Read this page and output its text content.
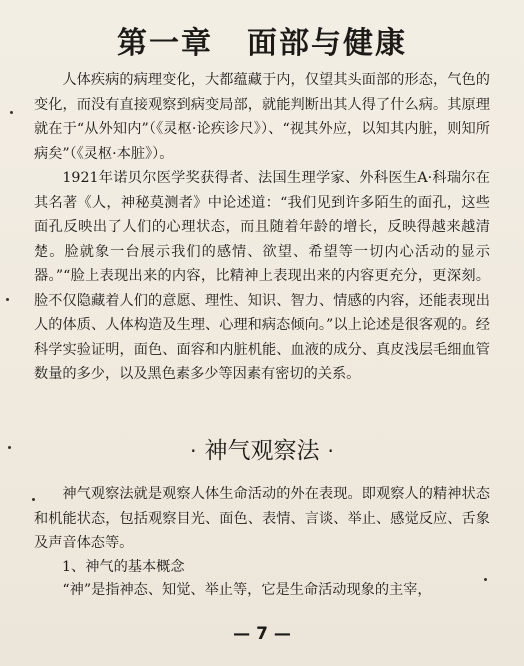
第一章 面部与健康

人体疾病的病理变化，大都蕴藏于内，仅望其头面部的形态，气色的变化，而没有直接观察到病变局部，就能判断出其人得了什么病。其原理就在于“从外知内”（《灵枢·论疾诊尺》）、“视其外应，以知其内脏，则知所病矣”（《灵枢·本脏》）。

1921年诺贝尔医学奖获得者、法国生理学家、外科医生A·科瑞尔在其名著《人，神秘莫测者》中论述道：“我们见到许多陌生的面孔，这些面孔反映出了人们的心理状态，而且随着年龄的增长，反映得越来越清楚。脸就象一台展示我们的感情、欲望、希望等一切内心活动的显示器。”“脸上表现出来的内容，比精神上表现出来的内容更充分，更深刻。脸不仅隐藏着人们的意愿、理性、知识、智力、情感的内容，还能表现出人的体质、人体构造及生理、心理和病态倾向。”以上论述是很客观的。经科学实验证明，面色、面容和内脏机能、血液的成分、真皮浅层毛细血管数量的多少，以及黑色素多少等因素有密切的关系。

· 神气观察法 ·

神气观察法就是观察人体生命活动的外在表现。即观察人的精神状态和机能状态，包括观察目光、面色、表情、言谈、举止、感觉反应、舌象及声音体态等。

1、神气的基本概念

“神”是指神态、知觉、举止等，它是生命活动现象的主宰，

— 7 —
